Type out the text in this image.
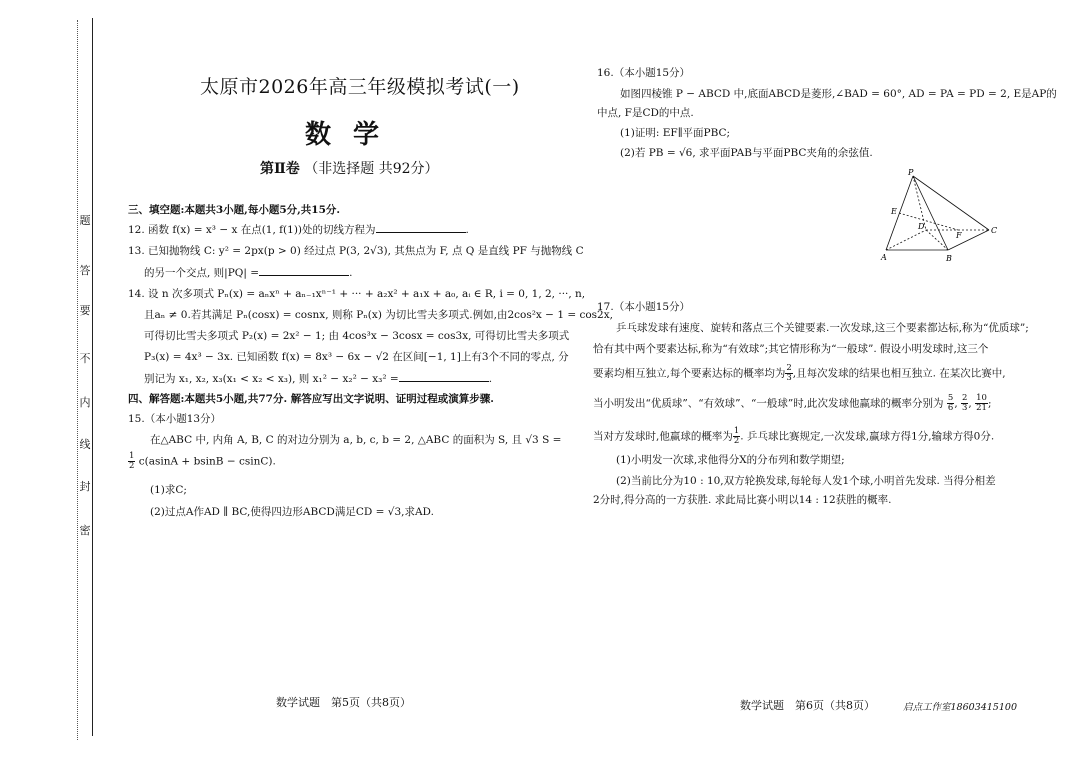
题
答
要
不
内
线
封
密
太原市2026年高三年级模拟考试(一)
数学
第Ⅱ卷 （非选择题 共92分）
三、填空题:本题共3小题,每小题5分,共15分.
12. 函数 f(x) = x³ − x 在点(1, f(1))处的切线方程为	.
13. 已知抛物线 C: y² = 2px(p > 0) 经过点 P(3, 2√3), 其焦点为 F, 点 Q 是直线 PF 与抛物线 C
的另一个交点, 则|PQ| =	.
14. 设 n 次多项式 Pₙ(x) = aₙxⁿ + aₙ₋₁xⁿ⁻¹ + ··· + a₂x² + a₁x + a₀, aᵢ ∈ R, i = 0, 1, 2, ···, n,
且aₙ ≠ 0.若其满足 Pₙ(cosx) = cosnx, 则称 Pₙ(x) 为切比雪夫多项式.例如,由2cos²x − 1 = cos2x,
可得切比雪夫多项式 P₂(x) = 2x² − 1; 由 4cos³x − 3cosx = cos3x, 可得切比雪夫多项式
P₃(x) = 4x³ − 3x. 已知函数 f(x) = 8x³ − 6x − √2 在区间[−1, 1]上有3个不同的零点, 分
别记为 x₁, x₂, x₃(x₁ < x₂ < x₃), 则 x₁² − x₂² − x₃² =	.
四、解答题:本题共5小题,共77分. 解答应写出文字说明、证明过程或演算步骤.
15.（本小题13分）
在△ABC 中, 内角 A, B, C 的对边分别为 a, b, c, b = 2, △ABC 的面积为 S, 且 √3 S =
$\frac{1}{2} c(asinA + bsinB - csinC)$.
(1)求C;
(2)过点A作AD ∥ BC,使得四边形ABCD满足CD = √3,求AD.
数学试题　第5页（共8页）
16.（本小题15分）
如图四棱锥 P − ABCD 中,底面ABCD是菱形,∠BAD = 60°, AD = PA = PD = 2, E是AP的
中点, F是CD的中点.
(1)证明: EF∥平面PBC;
(2)若 PB = √6, 求平面PAB与平面PBC夹角的余弦值.
P
E
D
F
C
A	B
17.（本小题15分）
乒乓球发球有速度、旋转和落点三个关键要素.一次发球,这三个要素都达标,称为“优质球”;
恰有其中两个要素达标,称为“有效球”;其它情形称为“一般球”. 假设小明发球时,这三个
要素均相互独立,每个要素达标的概率均为 $\frac{2}{3}$ ,且每次发球的结果也相互独立. 在某次比赛中,
当小明发出“优质球”、“有效球”、“一般球”时,此次发球他赢球的概率分别为 $\frac{5}{6}$ , $\frac{2}{3}$ , $\frac{10}{21}$ ;
当对方发球时,他赢球的概率为 $\frac{1}{2}$ . 乒乓球比赛规定,一次发球,赢球方得1分,输球方得0分.
(1)小明发一次球,求他得分X的分布列和数学期望;
(2)当前比分为10 : 10,双方轮换发球,每轮每人发1个球,小明首先发球. 当得分相差
2分时,得分高的一方获胜. 求此局比赛小明以14 : 12获胜的概率.
数学试题　第6页（共8页）	启点工作室18603415100
